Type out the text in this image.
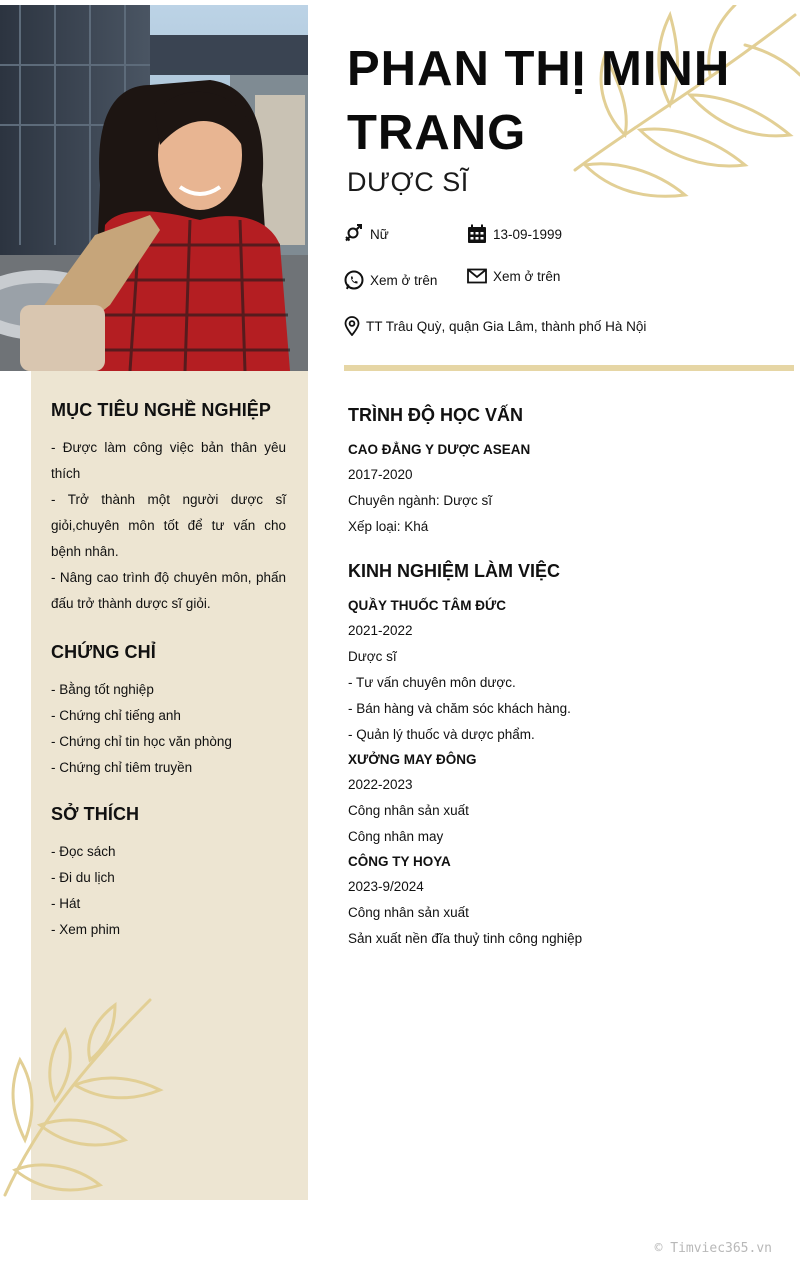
PHAN THỊ MINH TRANG
DƯỢC SĨ
Nữ	13-09-1999
Xem ở trên	Xem ở trên
TT Trâu Quỳ, quận Gia Lâm, thành phố Hà Nội
MỤC TIÊU NGHỀ NGHIỆP
- Được làm công việc bản thân yêu thích
- Trở thành một người dược sĩ giỏi,chuyên môn tốt để tư vấn cho bệnh nhân.
- Nâng cao trình độ chuyên môn, phấn đấu trở thành dược sĩ giỏi.
CHỨNG CHỈ
- Bằng tốt nghiệp
- Chứng chỉ tiếng anh
- Chứng chỉ tin học văn phòng
- Chứng chỉ tiêm truyền
SỞ THÍCH
- Đọc sách
- Đi du lịch
- Hát
- Xem phim
TRÌNH ĐỘ HỌC VẤN
CAO ĐẲNG Y DƯỢC ASEAN
2017-2020
Chuyên ngành: Dược sĩ
Xếp loại: Khá
KINH NGHIỆM LÀM VIỆC
QUẦY THUỐC TÂM ĐỨC
2021-2022
Dược sĩ
- Tư vấn chuyên môn dược.
- Bán hàng và chăm sóc khách hàng.
- Quản lý thuốc và dược phẩm.
XƯỞNG MAY ĐÔNG
2022-2023
Công nhân sản xuất
Công nhân may
CÔNG TY HOYA
2023-9/2024
Công nhân sản xuất
Sản xuất nền đĩa thuỷ tinh công nghiệp
© Timviec365.vn
